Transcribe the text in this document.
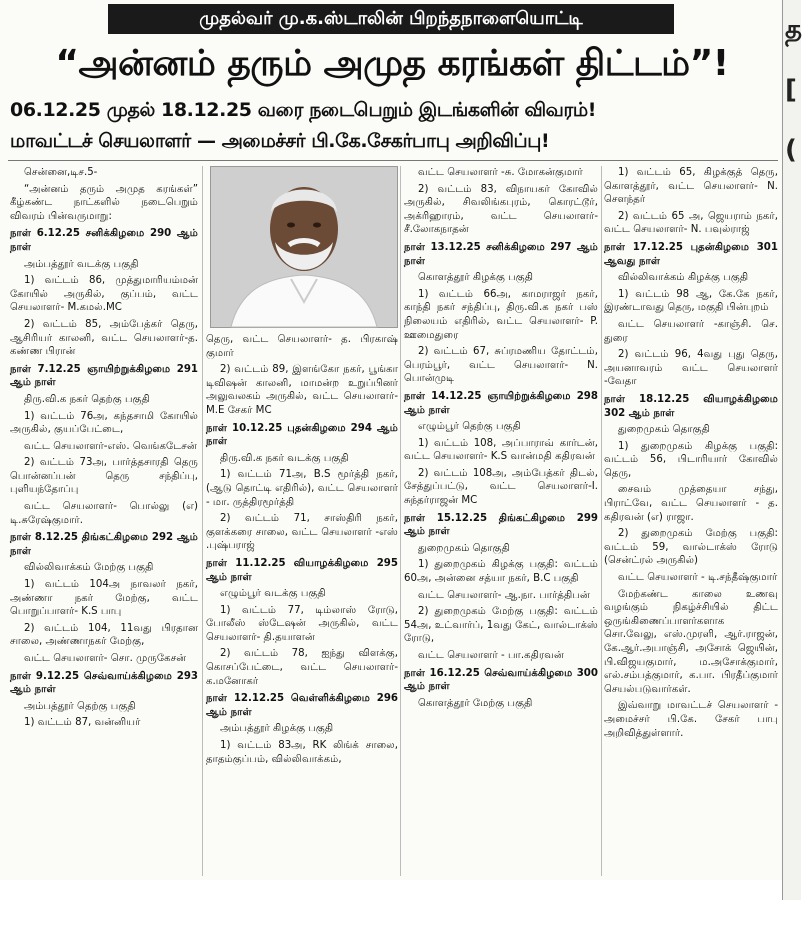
முதல்வர் மு.க.ஸ்டாலின் பிறந்தநாளையொட்டி
“அன்னம் தரும் அமுத கரங்கள் திட்டம்”!
06.12.25 முதல் 18.12.25 வரை நடைபெறும் இடங்களின் விவரம்!
மாவட்டச் செயலாளர் — அமைச்சர் பி.கே.சேகர்பாபு அறிவிப்பு!

சென்னை,டிச.5-

“அன்னம் தரும் அமுத கரங்கள்” கீழ்கண்ட நாட்களில் நடைபெறும் விவரம் பின்வருமாறு:

நாள் 6.12.25 சனிக்கிழமை 290 ஆம் நாள்

அம்பத்தூர் வடக்கு பகுதி

1) வட்டம் 86, முத்துமாரியம்மன் கோயில் அருகில், குப்பம், வட்ட செயலாளர்- M.கமல்.MC

2) வட்டம் 85, அம்பேத்கர் தெரு, ஆசிரியர் காலனி, வட்ட செயலாளர்-த. கண்ண பிரான்

நாள் 7.12.25 ஞாயிற்றுக்கிழமை 291 ஆம் நாள்

திரு.வி.க நகர் தெற்கு பகுதி

1) வட்டம் 76அ, கந்தசாமி கோயில் அருகில், குயப்பேட்டை,

வட்ட செயலாளர்-எஸ். வெங்கடேசன்

2) வட்டம் 73அ, பார்த்தசாரதி தெரு பொன்னப்பன் தெரு சந்திப்பு, புளியந்தோப்பு

வட்ட செயலாளர்- பொல்லு (எ) டி.சுரேஷ்குமார்.

நாள் 8.12.25 திங்கட்கிழமை 292 ஆம் நாள்

வில்லிவாக்கம் மேற்கு பகுதி

1) வட்டம் 104அ நாவலர் நகர், அண்ணா நகர் மேற்கு, வட்ட பொறுப்பாளர்- K.S பாபு

2) வட்டம் 104, 11வது பிரதான சாலை, அண்ணாநகர் மேற்கு,

வட்ட செயலாளர்- சொ. முருகேசன்

நாள் 9.12.25 செவ்வாய்க்கிழமை 293 ஆம் நாள்

அம்பத்தூர் தெற்கு பகுதி

1) வட்டம் 87, வன்னியர்

தெரு, வட்ட செயலாளர்- த. பிரகாஷ் குமார்

2) வட்டம் 89, இளங்கோ நகர், பூங்கா டிவிஷன் காலனி, மாமன்ற உறுப்பினர் அலுவலகம் அருகில், வட்ட செயலாளர்- M.E சேகர் MC

நாள் 10.12.25 புதன்கிழமை 294 ஆம் நாள்

திரு.வி.க நகர் வடக்கு பகுதி

1) வட்டம் 71அ, B.S மூர்த்தி நகர், (ஆடு தொட்டி எதிரில்), வட்ட செயலாளர் - மா. ருத்திரமூர்த்தி

2) வட்டம் 71, சாஸ்திரி நகர், குளக்கரை சாலை, வட்ட செயலாளர் -எஸ் .புஷ்பராஜ்

நாள் 11.12.25 வியாழக்கிழமை 295 ஆம் நாள்

எழும்பூர் வடக்கு பகுதி

1) வட்டம் 77, டிம்லாஸ் ரோடு, போலீஸ் ஸ்டேஷன் அருகில், வட்ட செயலாளர்- தி.தயாளன்

2) வட்டம் 78, ஐந்து விளக்கு, கொசப்பேட்டை, வட்ட செயலாளர்-க.மனோகர்

நாள் 12.12.25 வெள்ளிக்கிழமை 296 ஆம் நாள்

அம்பத்தூர் கிழக்கு பகுதி

1) வட்டம் 83அ, RK லிங்க் சாலை, தாதம்குப்பம், வில்லிவாக்கம்,

வட்ட செயலாளர் -சு. மோகன்குமார்

2) வட்டம் 83, விநாயகர் கோவில் அருகில், சிவலிங்கபுரம், கொரட்டூர், அக்ரிஹாரம், வட்ட செயலாளர்- சீ.லோகநாதன்

நாள் 13.12.25 சனிக்கிழமை 297 ஆம் நாள்

கொளத்தூர் கிழக்கு பகுதி

1) வட்டம் 66அ, காமராஜர் நகர், காந்தி நகர் சந்திப்பு, திரு.வி.க நகர் பஸ் நிலையம் எதிரில், வட்ட செயலாளர்- P. ஊமைதுரை

2) வட்டம் 67, சுப்ரமணிய தோட்டம், பெரம்பூர், வட்ட செயலாளர்- N. பொன்முடி

நாள் 14.12.25 ஞாயிற்றுக்கிழமை 298 ஆம் நாள்

எழும்பூர் தெற்கு பகுதி

1) வட்டம் 108, அப்பாராவ் கார்டன், வட்ட செயலாளர்- K.S வான்மதி கதிரவன்

2) வட்டம் 108அ, அம்பேத்கர் திடல், சேத்துப்பட்டு, வட்ட செயலாளர்-I. சுந்தர்ராஜன் MC

நாள் 15.12.25 திங்கட்கிழமை 299 ஆம் நாள்

துறைமுகம் தொகுதி

1) துறைமுகம் கிழக்கு பகுதி: வட்டம் 60அ, அன்னை சத்யா நகர், B.C பகுதி

வட்ட செயலாளர்- ஆ.நா. பார்த்திபன்

2) துறைமுகம் மேற்கு பகுதி: வட்டம் 54அ, உட்வார்ப், 1வது கேட், வால்டாக்ஸ் ரோடு,

வட்ட செயலாளர் - பா.கதிரவன்

நாள் 16.12.25 செவ்வாய்க்கிழமை 300 ஆம் நாள்

கொளத்தூர் மேற்கு பகுதி

1) வட்டம் 65, கிழக்குத் தெரு, கொளத்தூர், வட்ட செயலாளர்- N. சௌந்தர்

2) வட்டம் 65 அ, ஜெயராம் நகர், வட்ட செயலாளர்- N. பவுல்ராஜ்

நாள் 17.12.25 புதன்கிழமை 301 ஆவது நாள்

வில்லிவாக்கம் கிழக்கு பகுதி

1) வட்டம் 98 ஆ, கே.கே நகர், இரண்டாவது தெரு, மகுதி பின்புறம்

வட்ட செயலாளர் -காஞ்சி. செ. துரை

2) வட்டம் 96, 4வது புது தெரு, அயனாவரம் வட்ட செயலாளர் -வேதா

நாள் 18.12.25 வியாழக்கிழமை 302 ஆம் நாள்

துறைமுகம் தொகுதி

1) துறைமுகம் கிழக்கு பகுதி: வட்டம் 56, பிடாரியார் கோவில் தெரு,

சைவம் முத்தையா சந்து, பிராட்வே, வட்ட செயலாளர் - த. கதிரவன் (எ) ராஜா.

2) துறைமுகம் மேற்கு பகுதி: வட்டம் 59, வால்டாக்ஸ் ரோடு (சென்ட்ரல் அருகில்)

வட்ட செயலாளர் - டி.சந்தீஷ்குமார்

மேற்கண்ட காலை உணவு வழங்கும் நிகழ்ச்சியில் திட்ட ஒருங்கிணைப்பாளர்களாக சொ.வேலு, எஸ்.முரளி, ஆர்.ராஜன், கே.ஆர்.அபாஞ்சி, அசோக் ஜெயின், பி.விஜயகுமார், ம.அசோக்குமார், எல்.சம்பத்குமார், க.பா. பிரதீப்குமார் செயல்படுவார்கள்.

இவ்வாறு மாவட்டச் செயலாளர் - அமைச்சர் பி.கே. சேகர் பாபு அறிவித்துள்ளார்.

த
[
(
